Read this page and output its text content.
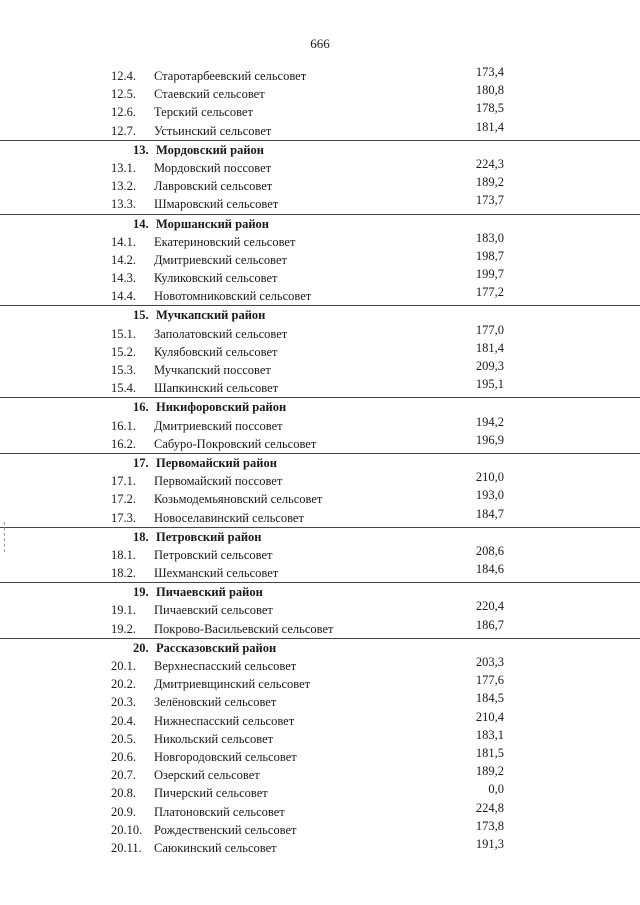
666
12.4.	Старотарбеевский сельсовет	173,4
12.5.	Стаевский сельсовет	180,8
12.6.	Терский сельсовет	178,5
12.7.	Устьинский сельсовет	181,4
13. Мордовский район
13.1.	Мордовский поссовет	224,3
13.2.	Лавровский сельсовет	189,2
13.3.	Шмаровский сельсовет	173,7
14. Моршанский район
14.1.	Екатериновский сельсовет	183,0
14.2.	Дмитриевский сельсовет	198,7
14.3.	Куликовский сельсовет	199,7
14.4.	Новотомниковский сельсовет	177,2
15. Мучкапский район
15.1.	Заполатовский сельсовет	177,0
15.2.	Кулябовский сельсовет	181,4
15.3.	Мучкапский поссовет	209,3
15.4.	Шапкинский сельсовет	195,1
16. Никифоровский район
16.1.	Дмитриевский поссовет	194,2
16.2.	Сабуро-Покровский сельсовет	196,9
17. Первомайский район
17.1.	Первомайский поссовет	210,0
17.2.	Козьмодемьяновский сельсовет	193,0
17.3.	Новоселавинский сельсовет	184,7
18. Петровский район
18.1.	Петровский сельсовет	208,6
18.2.	Шехманский сельсовет	184,6
19. Пичаевский район
19.1.	Пичаевский сельсовет	220,4
19.2.	Покрово-Васильевский сельсовет	186,7
20. Рассказовский район
20.1.	Верхнеспасский сельсовет	203,3
20.2.	Дмитриевщинский сельсовет	177,6
20.3.	Зелёновский сельсовет	184,5
20.4.	Нижнеспасский сельсовет	210,4
20.5.	Никольский сельсовет	183,1
20.6.	Новгородовский сельсовет	181,5
20.7.	Озерский сельсовет	189,2
20.8.	Пичерский сельсовет	0,0
20.9.	Платоновский сельсовет	224,8
20.10. Рождественский сельсовет	173,8
20.11. Саюкинский сельсовет	191,3
